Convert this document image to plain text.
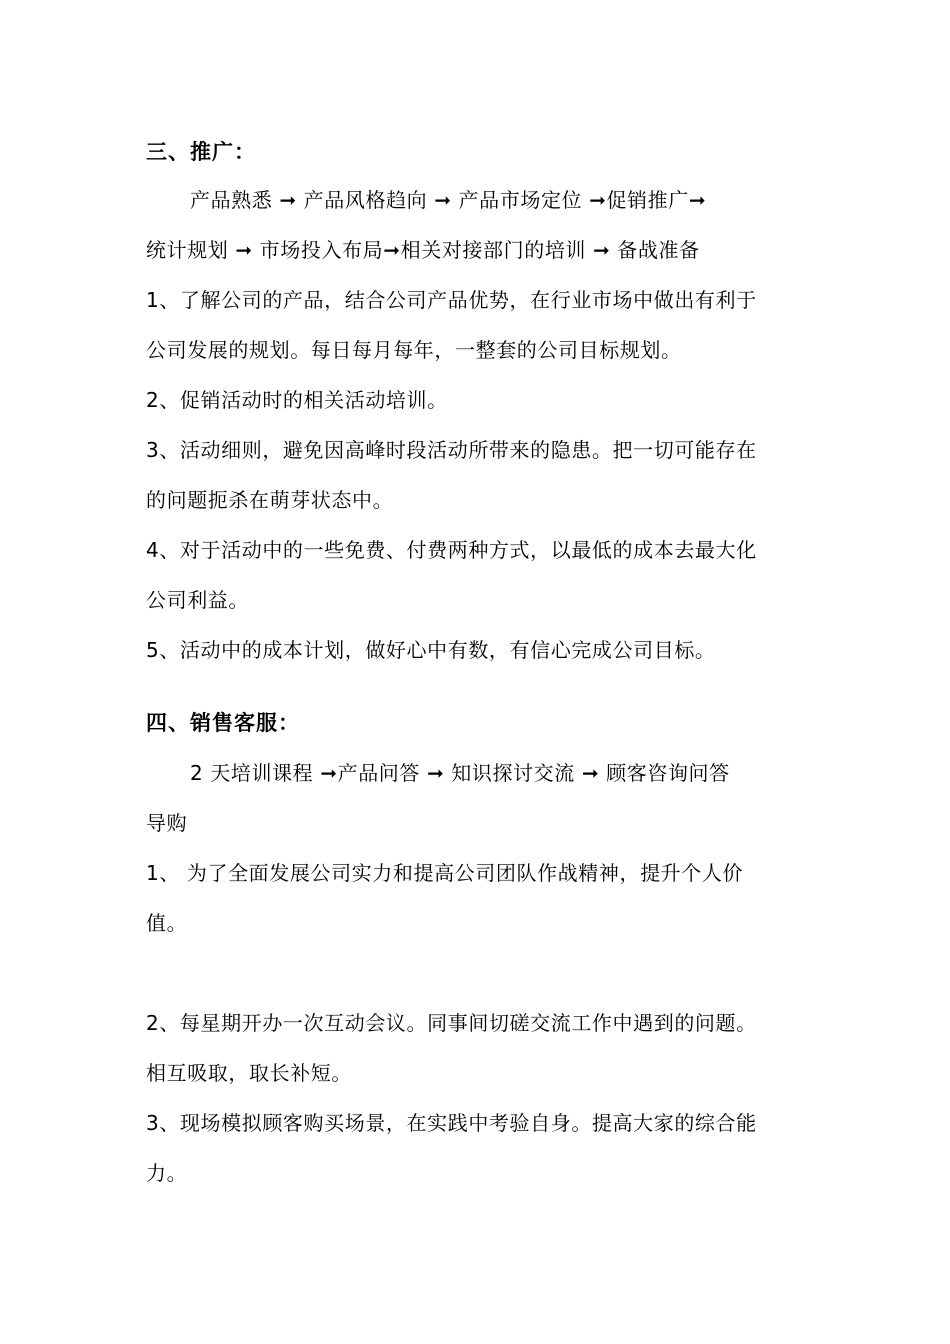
三、推广：
产品熟悉 ➞ 产品风格趋向 ➞ 产品市场定位 ➞促销推广➞
统计规划 ➞ 市场投入布局➞相关对接部门的培训 ➞ 备战准备
1、了解公司的产品，结合公司产品优势，在行业市场中做出有利于
公司发展的规划。每日每月每年，一整套的公司目标规划。
2、促销活动时的相关活动培训。
3、活动细则，避免因高峰时段活动所带来的隐患。把一切可能存在
的问题扼杀在萌芽状态中。
4、对于活动中的一些免费、付费两种方式，以最低的成本去最大化
公司利益。
5、活动中的成本计划，做好心中有数，有信心完成公司目标。
四、销售客服：
2 天培训课程 ➞产品问答 ➞ 知识探讨交流 ➞ 顾客咨询问答
导购
1、 为了全面发展公司实力和提高公司团队作战精神，提升个人价
值。
2、每星期开办一次互动会议。同事间切磋交流工作中遇到的问题。
相互吸取，取长补短。
3、现场模拟顾客购买场景，在实践中考验自身。提高大家的综合能
力。
